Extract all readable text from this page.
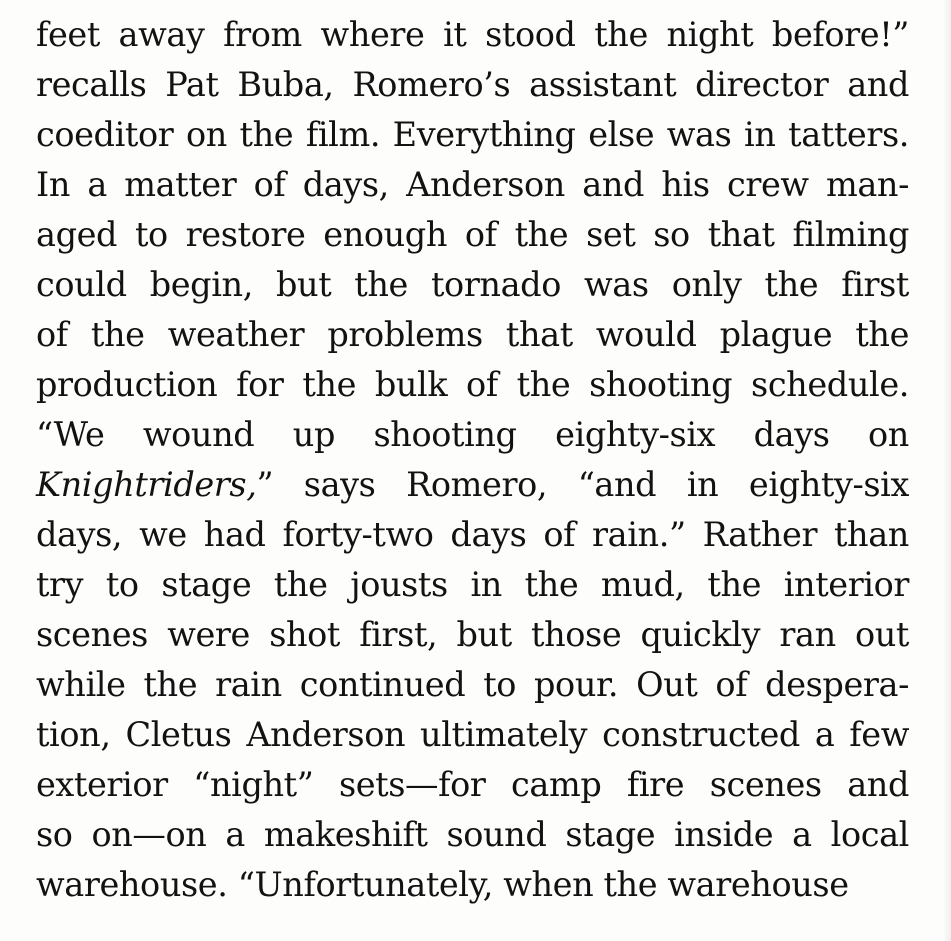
feet away from where it stood the night before!”
recalls Pat Buba, Romero’s assistant director and
coeditor on the film. Everything else was in tatters.
In a matter of days, Anderson and his crew man-
aged to restore enough of the set so that filming
could begin, but the tornado was only the first
of the weather problems that would plague the
production for the bulk of the shooting schedule.
“We wound up shooting eighty-six days on
Knightriders,” says Romero, “and in eighty-six
days, we had forty-two days of rain.” Rather than
try to stage the jousts in the mud, the interior
scenes were shot first, but those quickly ran out
while the rain continued to pour. Out of despera-
tion, Cletus Anderson ultimately constructed a few
exterior “night” sets—for camp fire scenes and
so on—on a makeshift sound stage inside a local
warehouse. “Unfortunately, when the warehouse
